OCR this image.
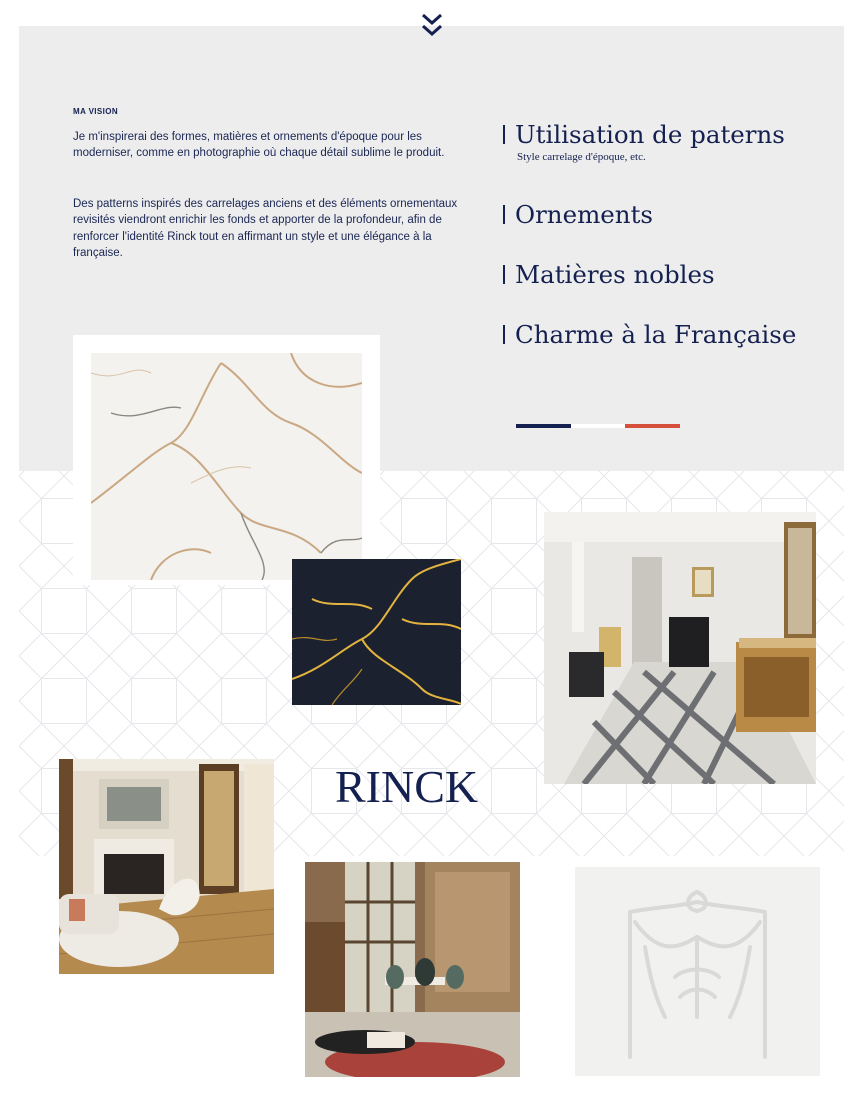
MA VISION

Je m'inspirerai des formes, matières et ornements d'époque pour les moderniser, comme en photographie où chaque détail sublime le produit.

Des patterns inspirés des carrelages anciens et des éléments ornementaux revisités viendront enrichir les fonds et apporter de la profondeur, afin de renforcer l'identité Rinck tout en affirmant un style et une élégance à la française.

Utilisation de paterns
Style carrelage d'époque, etc.
Ornements
Matières nobles
Charme à la Française
RINCK
